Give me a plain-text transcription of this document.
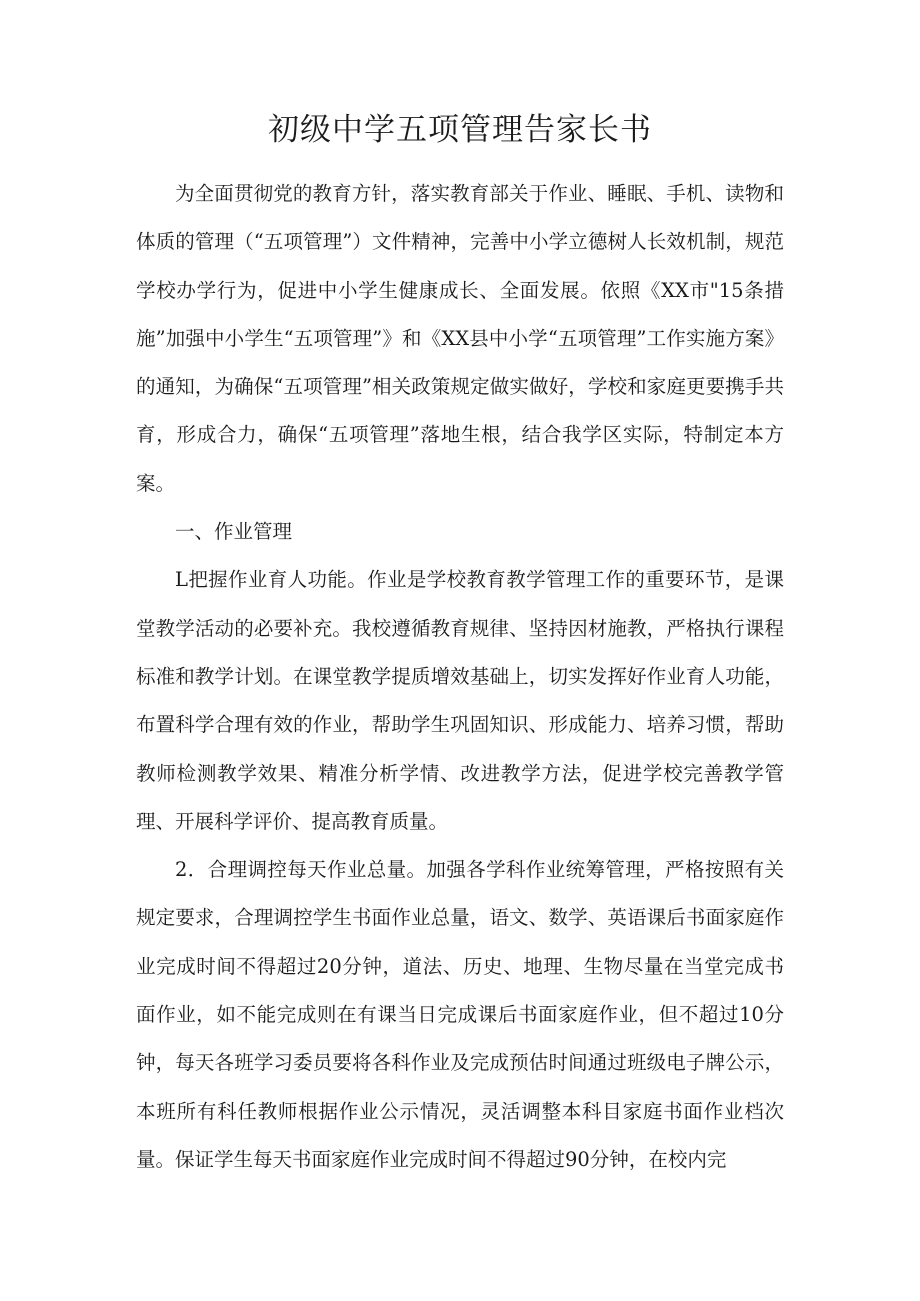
初级中学五项管理告家长书

为全面贯彻党的教育方针，落实教育部关于作业、睡眠、手机、读物和体质的管理（“五项管理”）文件精神，完善中小学立德树人长效机制，规范学校办学行为，促进中小学生健康成长、全面发展。依照《XX市"15条措施”加强中小学生“五项管理”》和《XX县中小学“五项管理”工作实施方案》的通知，为确保“五项管理”相关政策规定做实做好，学校和家庭更要携手共育，形成合力，确保“五项管理”落地生根，结合我学区实际，特制定本方案。

一、作业管理

L把握作业育人功能。作业是学校教育教学管理工作的重要环节，是课堂教学活动的必要补充。我校遵循教育规律、坚持因材施教，严格执行课程标准和教学计划。在课堂教学提质增效基础上，切实发挥好作业育人功能，布置科学合理有效的作业，帮助学生巩固知识、形成能力、培养习惯，帮助教师检测教学效果、精准分析学情、改进教学方法，促进学校完善教学管理、开展科学评价、提高教育质量。

2．合理调控每天作业总量。加强各学科作业统筹管理，严格按照有关规定要求，合理调控学生书面作业总量，语文、数学、英语课后书面家庭作业完成时间不得超过20分钟，道法、历史、地理、生物尽量在当堂完成书面作业，如不能完成则在有课当日完成课后书面家庭作业，但不超过10分钟，每天各班学习委员要将各科作业及完成预估时间通过班级电子牌公示，本班所有科任教师根据作业公示情况，灵活调整本科目家庭书面作业档次量。保证学生每天书面家庭作业完成时间不得超过90分钟，在校内完
